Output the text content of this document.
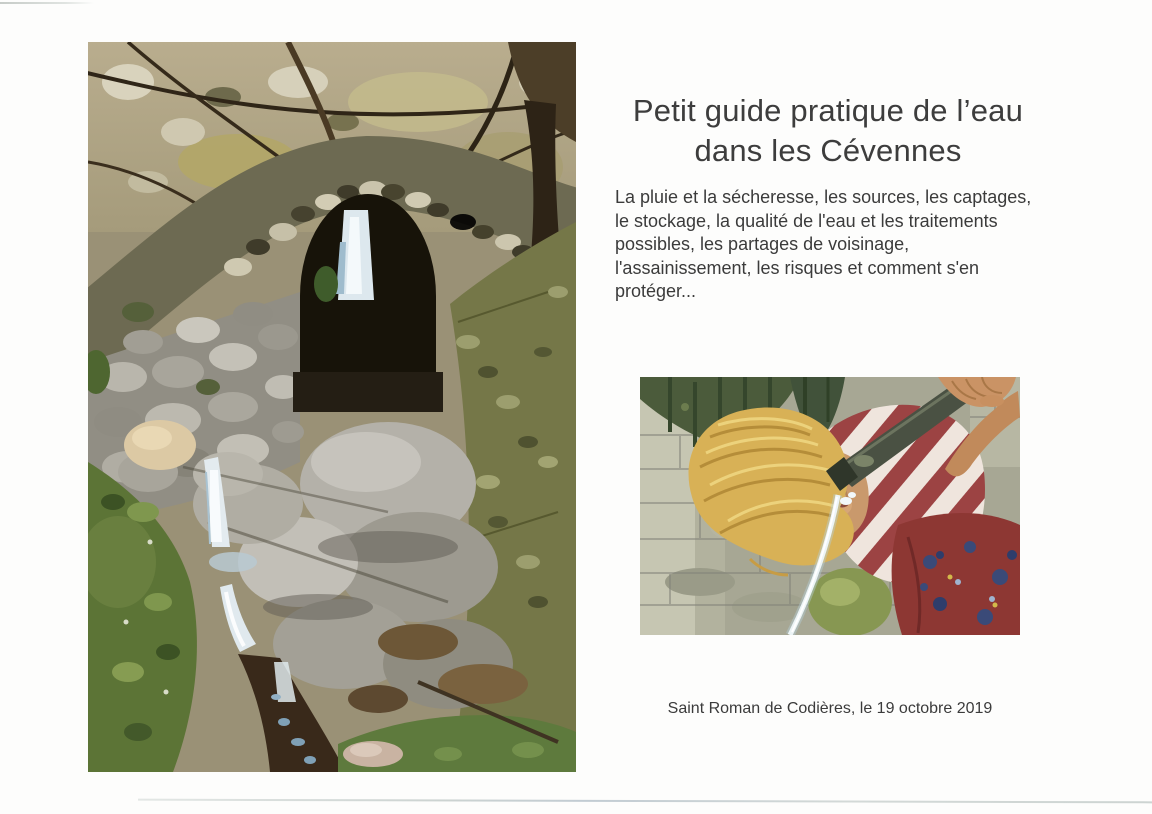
Petit guide pratique de l’eau
dans les Cévennes
La pluie et la sécheresse, les sources, les captages,
le stockage, la qualité de l'eau et les traitements
possibles, les partages de voisinage,
l'assainissement, les risques et comment s'en
protéger...
Saint Roman de Codières, le 19 octobre 2019
